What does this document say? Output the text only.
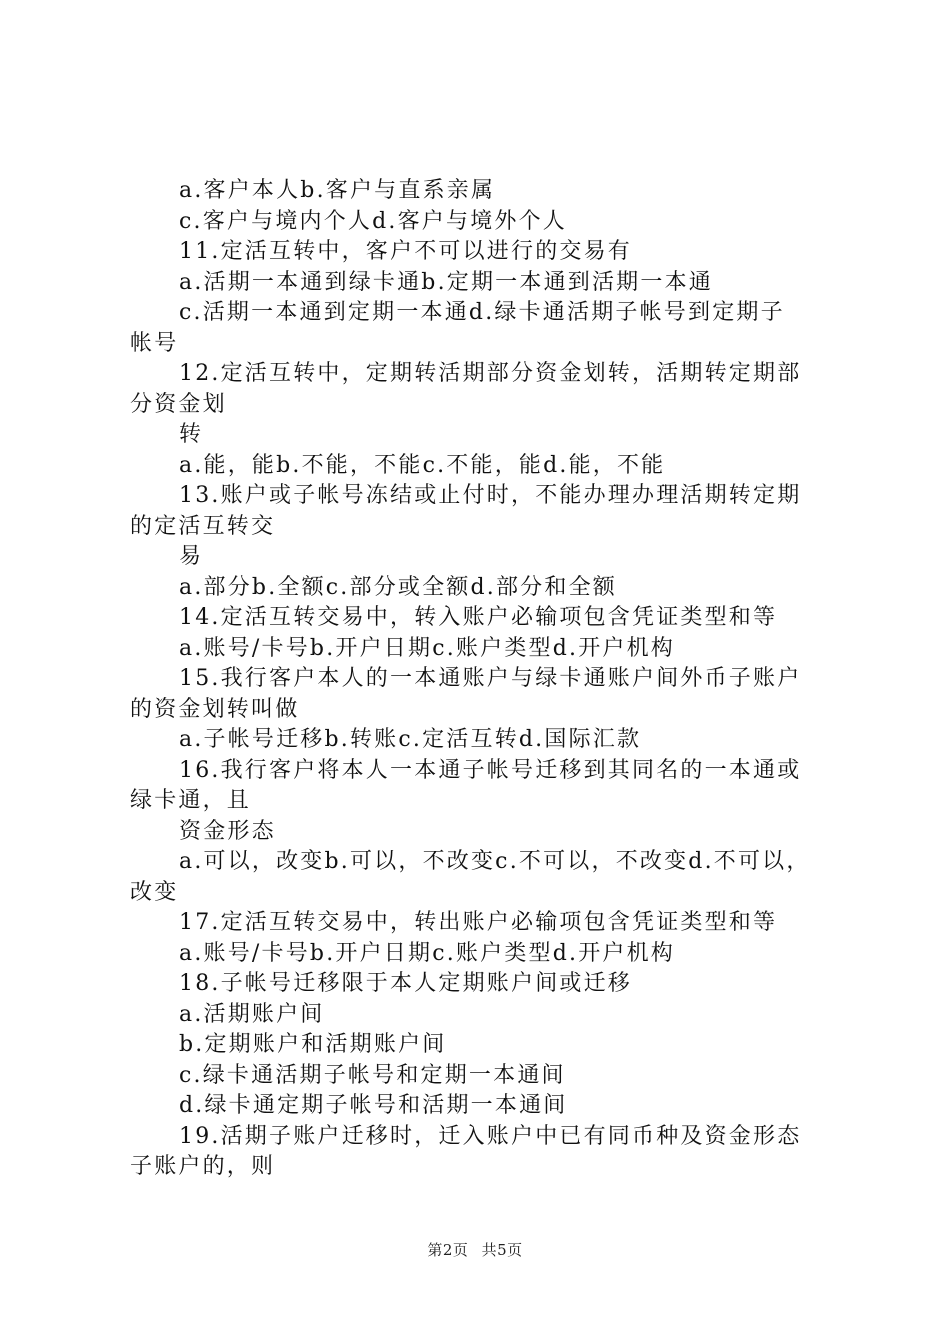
a.客户本人b.客户与直系亲属
c.客户与境内个人d.客户与境外个人
11.定活互转中，客户不可以进行的交易有
a.活期一本通到绿卡通b.定期一本通到活期一本通
c.活期一本通到定期一本通d.绿卡通活期子帐号到定期子
帐号
12.定活互转中，定期转活期部分资金划转，活期转定期部
分资金划
转
a.能，能b.不能，不能c.不能，能d.能，不能
13.账户或子帐号冻结或止付时，不能办理办理活期转定期
的定活互转交
易
a.部分b.全额c.部分或全额d.部分和全额
14.定活互转交易中，转入账户必输项包含凭证类型和等
a.账号/卡号b.开户日期c.账户类型d.开户机构
15.我行客户本人的一本通账户与绿卡通账户间外币子账户
的资金划转叫做
a.子帐号迁移b.转账c.定活互转d.国际汇款
16.我行客户将本人一本通子帐号迁移到其同名的一本通或
绿卡通，且
资金形态
a.可以，改变b.可以，不改变c.不可以，不改变d.不可以，
改变
17.定活互转交易中，转出账户必输项包含凭证类型和等
a.账号/卡号b.开户日期c.账户类型d.开户机构
18.子帐号迁移限于本人定期账户间或迁移
a.活期账户间
b.定期账户和活期账户间
c.绿卡通活期子帐号和定期一本通间
d.绿卡通定期子帐号和活期一本通间
19.活期子账户迁移时，迁入账户中已有同币种及资金形态
子账户的，则
第2页 共5页
